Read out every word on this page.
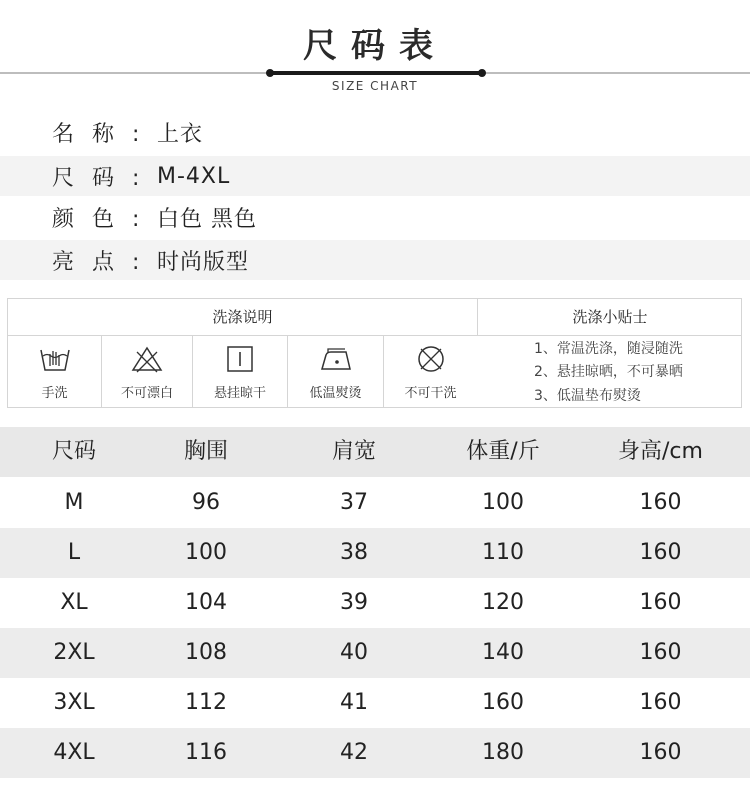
尺码表
SIZE CHART
名称: 上衣
尺码: M-4XL
颜色: 白色 黑色
亮点: 时尚版型
洗涤说明	洗涤小贴士
手洗	不可漂白	悬挂晾干	低温熨烫	不可干洗
1、常温洗涤，随浸随洗
2、悬挂晾晒，不可暴晒
3、低温垫布熨烫
尺码	胸围	肩宽	体重/斤	身高/cm
M	96	37	100	160
L	100	38	110	160
XL	104	39	120	160
2XL	108	40	140	160
3XL	112	41	160	160
4XL	116	42	180	160
